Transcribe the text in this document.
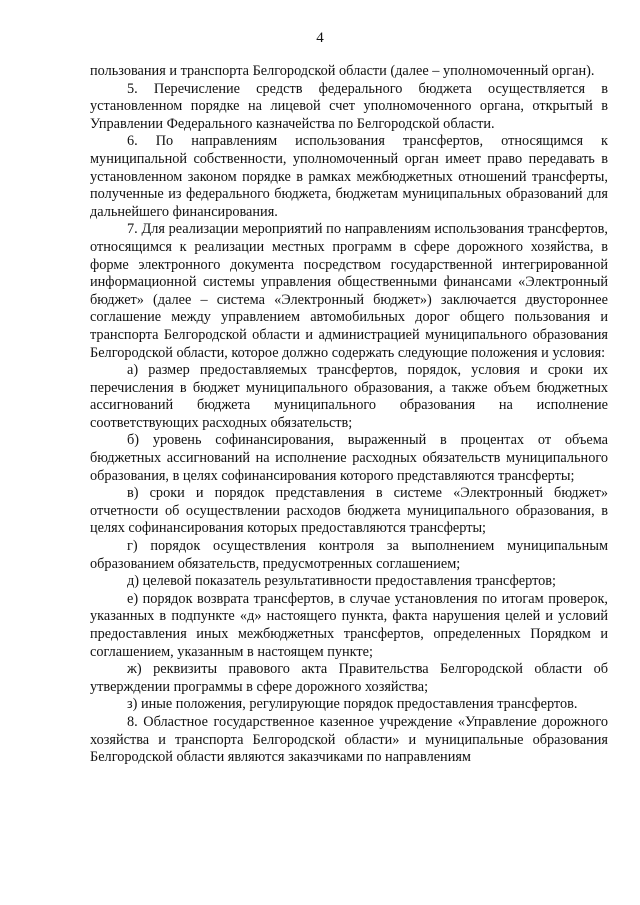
4

пользования и транспорта Белгородской области (далее – уполномоченный орган).

5. Перечисление средств федерального бюджета осуществляется в установленном порядке на лицевой счет уполномоченного органа, открытый в Управлении Федерального казначейства по Белгородской области.

6. По направлениям использования трансфертов, относящимся к муниципальной собственности, уполномоченный орган имеет право передавать в установленном законом порядке в рамках межбюджетных отношений трансферты, полученные из федерального бюджета, бюджетам муниципальных образований для дальнейшего финансирования.

7. Для реализации мероприятий по направлениям использования трансфертов, относящимся к реализации местных программ в сфере дорожного хозяйства, в форме электронного документа посредством государственной интегрированной информационной системы управления общественными финансами «Электронный бюджет» (далее – система «Электронный бюджет») заключается двустороннее соглашение между управлением автомобильных дорог общего пользования и транспорта Белгородской области и администрацией муниципального образования Белгородской области, которое должно содержать следующие положения и условия:

а) размер предоставляемых трансфертов, порядок, условия и сроки их перечисления в бюджет муниципального образования, а также объем бюджетных ассигнований бюджета муниципального образования на исполнение соответствующих расходных обязательств;

б) уровень софинансирования, выраженный в процентах от объема бюджетных ассигнований на исполнение расходных обязательств муниципального образования, в целях софинансирования которого представляются трансферты;

в) сроки и порядок представления в системе «Электронный бюджет» отчетности об осуществлении расходов бюджета муниципального образования, в целях софинансирования которых предоставляются трансферты;

г) порядок осуществления контроля за выполнением муниципальным образованием обязательств, предусмотренных соглашением;

д) целевой показатель результативности предоставления трансфертов;

е) порядок возврата трансфертов, в случае установления по итогам проверок, указанных в подпункте «д» настоящего пункта, факта нарушения целей и условий предоставления иных межбюджетных трансфертов, определенных Порядком и соглашением, указанным в настоящем пункте;

ж) реквизиты правового акта Правительства Белгородской области об утверждении программы в сфере дорожного хозяйства;

з) иные положения, регулирующие порядок предоставления трансфертов.

8. Областное государственное казенное учреждение «Управление дорожного хозяйства и транспорта Белгородской области» и муниципальные образования Белгородской области являются заказчиками по направлениям
